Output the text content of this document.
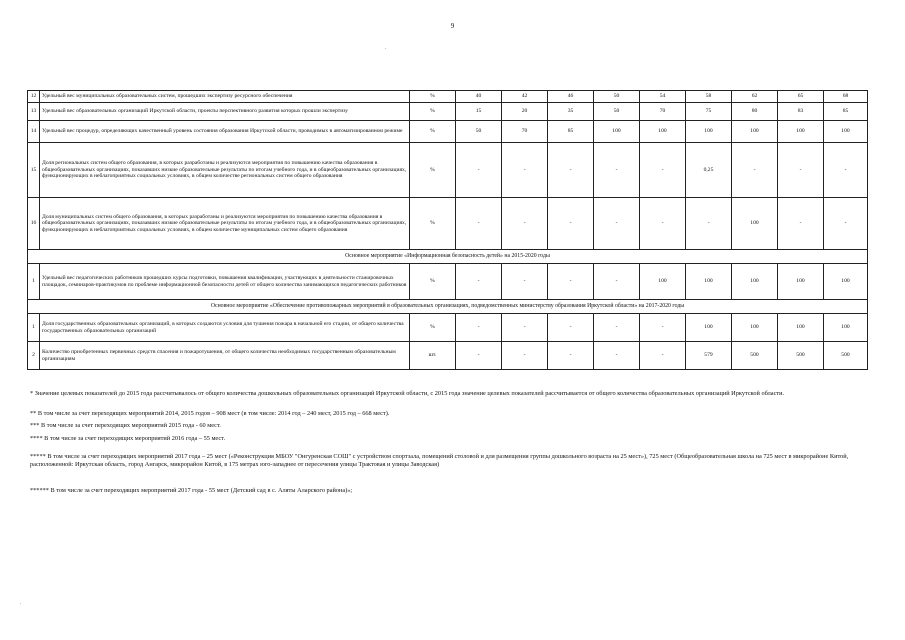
9
.
.
12	Удельный вес муниципальных образовательных систем, прошедших экспертизу ресурсного обеспечения	%	40	42	46	50	54	58	62	65	68
13	Удельный вес образовательных организаций Иркутской области, проекты перспективного развития которых прошли экспертизу	%	15	20	35	50	70	75	80	83	85
14	Удельный вес процедур, определяющих качественный уровень состояния образования Иркутской области, проводимых в автоматизированном режиме	%	50	70	85	100	100	100	100	100	100
15	Доля региональных систем общего образования, в которых разработаны и реализуются мероприятия по повышению качества образования в общеобразовательных организациях, показавших низкие образовательные результаты по итогам учебного года, и в общеобразовательных организациях, функционирующих в неблагоприятных социальных условиях, в общем количестве региональных систем общего образования	%	-	-	-	-	-	0,25	-	-	-
16	Доля муниципальных систем общего образования, в которых разработаны и реализуются мероприятия по повышению качества образования в общеобразовательных организациях, показавших низкие образовательные результаты по итогам учебного года, и в общеобразовательных организациях, функционирующих в неблагоприятных социальных условиях, в общем количестве муниципальных систем общего образования	%	-	-	-	-	-	-	100	-	-
Основное мероприятие «Информационная безопасность детей» на 2015-2020 годы											
1	Удельный вес педагогических работников прошедших курсы подготовки, повышения квалификации, участвующих в деятельности стажировочных площадок, семинаров-практикумов по проблеме информационной безопасности детей от общего количества занимающихся педагогических работников	%	-	-	-	-	100	100	100	100	100
Основное мероприятие «Обеспечение противопожарных мероприятий в образовательных организациях, подведомственных министерству образования Иркутской области» на 2017-2020 годы											
1	Доля государственных образовательных организаций, в которых создаются условия для тушения пожара в начальной его стадии, от общего количества государственных образовательных организаций	%	-	-	-	-	-	100	100	100	100
2	Количество приобретенных первичных средств спасения и пожаротушения, от общего количества необходимых государственным образовательным организациям	шт.	-	-	-	-	-	579	500	500	500
* Значение целевых показателей до 2015 года рассчитывалось от общего количества дошкольных образовательных организаций Иркутской области, с 2015 года значение целевых показателей рассчитывается от общего количества образовательных организаций Иркутской области.
** В том числе за счет переходящих мероприятий 2014, 2015 годов – 908 мест (в том числе: 2014 год – 240 мест, 2015 год – 668 мест).
*** В том числе за счет переходящих мероприятий 2015 года - 60 мест.
**** В том числе за счет переходящих мероприятий 2016 года – 55 мест.
***** В том числе за счет переходящих мероприятий 2017 года – 25 мест («Реконструкция МБОУ "Онгуренская СОШ" с устройством спортзала, помещений столовой и для размещения группы дошкольного возраста на 25 мест»), 725 мест (Общеобразовательная школа на 725 мест в микрорайоне Китой, расположенной: Иркутская область, город Ангарск, микрорайон Китой, в 175 метрах юго-западнее от пересечения улицы Трактовая и улицы Заводская)
****** В том числе за счет переходящих мероприятий 2017 года - 55 мест (Детский сад в с. Аляты Аларского района)»;
